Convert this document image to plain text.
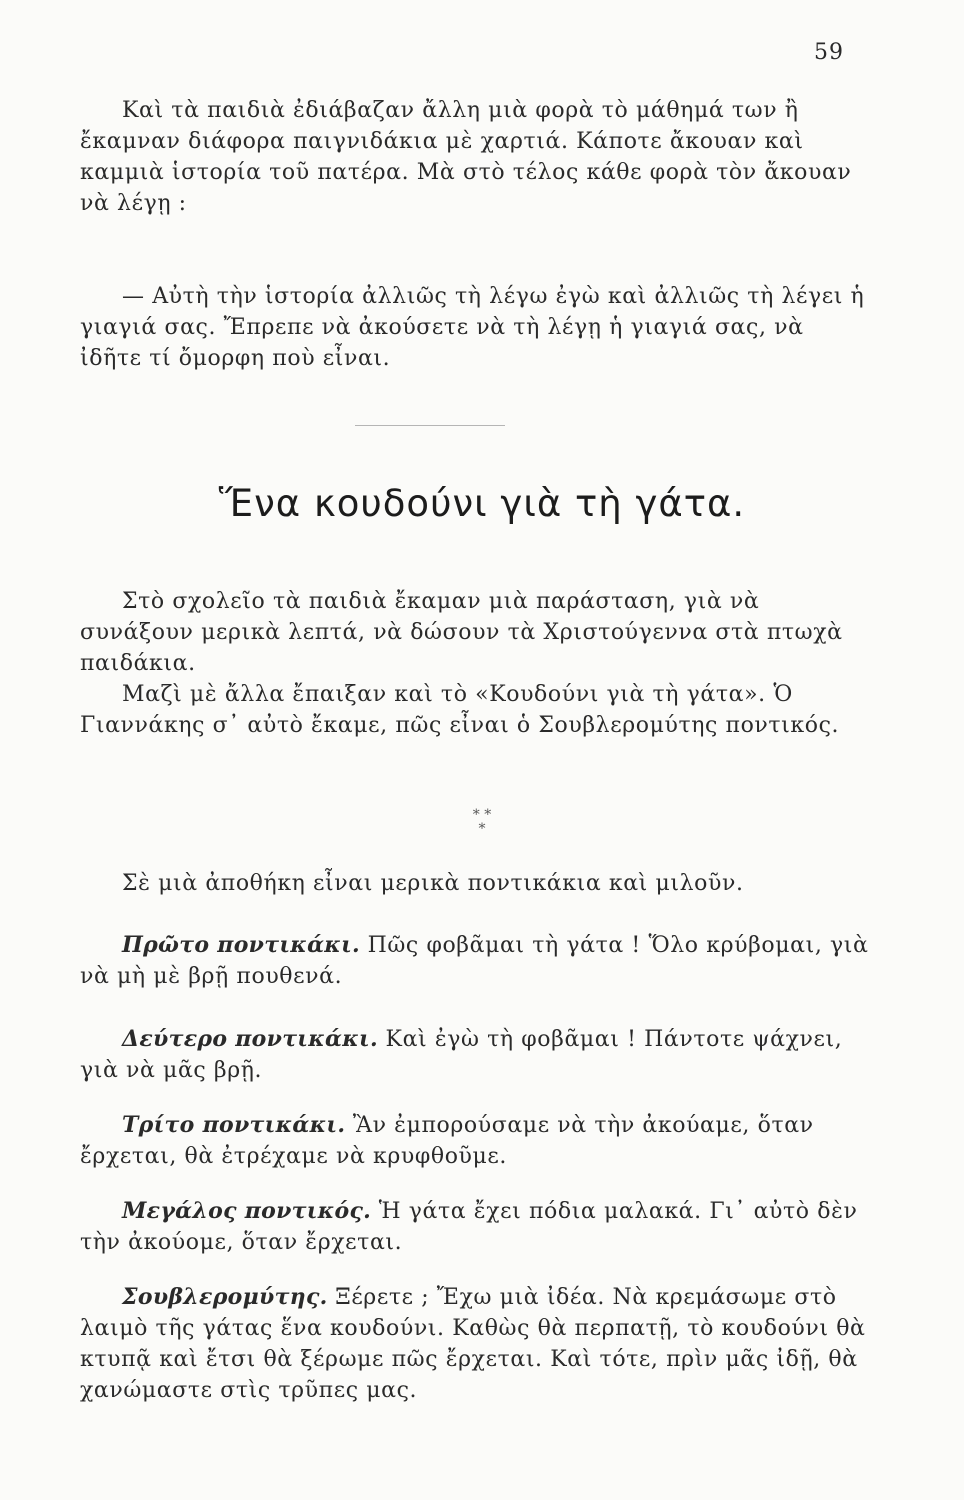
59

Καὶ τὰ παιδιὰ ἐδιάβαζαν ἄλλη μιὰ φορὰ τὸ μάθημά των ἢ ἔκαμναν διάφορα παιγνιδάκια μὲ χαρτιά. Κάποτε ἄκουαν καὶ καμμιὰ ἱστορία τοῦ πατέρα. Μὰ στὸ τέλος κάθε φορὰ τὸν ἄκουαν νὰ λέγῃ :

— Αὐτὴ τὴν ἱστορία ἀλλιῶς τὴ λέγω ἐγὼ καὶ ἀλλιῶς τὴ λέγει ἡ γιαγιά σας. Ἔπρεπε νὰ ἀκούσετε νὰ τὴ λέγῃ ἡ γιαγιά σας, νὰ ἰδῆτε τί ὄμορφη ποὺ εἶναι.

Ἕνα κουδούνι γιὰ τὴ γάτα.

Στὸ σχολεῖο τὰ παιδιὰ ἔκαμαν μιὰ παράσταση, γιὰ νὰ συνάξουν μερικὰ λεπτά, νὰ δώσουν τὰ Χριστούγεννα στὰ πτωχὰ παιδάκια.

Μαζὶ μὲ ἄλλα ἔπαιξαν καὶ τὸ «Κουδούνι γιὰ τὴ γάτα». Ὁ Γιαννάκης σ᾽ αὐτὸ ἔκαμε, πῶς εἶναι ὁ Σουβλερομύτης ποντικός.

* *
*

Σὲ μιὰ ἀποθήκη εἶναι μερικὰ ποντικάκια καὶ μιλοῦν.

Πρῶτο ποντικάκι. Πῶς φοβᾶμαι τὴ γάτα ! Ὅλο κρύβομαι, γιὰ νὰ μὴ μὲ βρῇ πουθενά.

Δεύτερο ποντικάκι. Καὶ ἐγὼ τὴ φοβᾶμαι ! Πάντοτε ψάχνει, γιὰ νὰ μᾶς βρῇ.

Τρίτο ποντικάκι. Ἂν ἐμπορούσαμε νὰ τὴν ἀκούαμε, ὅταν ἔρχεται, θὰ ἐτρέχαμε νὰ κρυφθοῦμε.

Μεγάλος ποντικός. Ἡ γάτα ἔχει πόδια μαλακά. Γι᾽ αὐτὸ δὲν τὴν ἀκούομε, ὅταν ἔρχεται.

Σουβλερομύτης. Ξέρετε ; Ἔχω μιὰ ἰδέα. Νὰ κρεμάσωμε στὸ λαιμὸ τῆς γάτας ἕνα κουδούνι. Καθὼς θὰ περπατῇ, τὸ κουδούνι θὰ κτυπᾷ καὶ ἔτσι θὰ ξέρωμε πῶς ἔρχεται. Καὶ τότε, πρὶν μᾶς ἰδῇ, θὰ χανώμαστε στὶς τρῦπες μας.
